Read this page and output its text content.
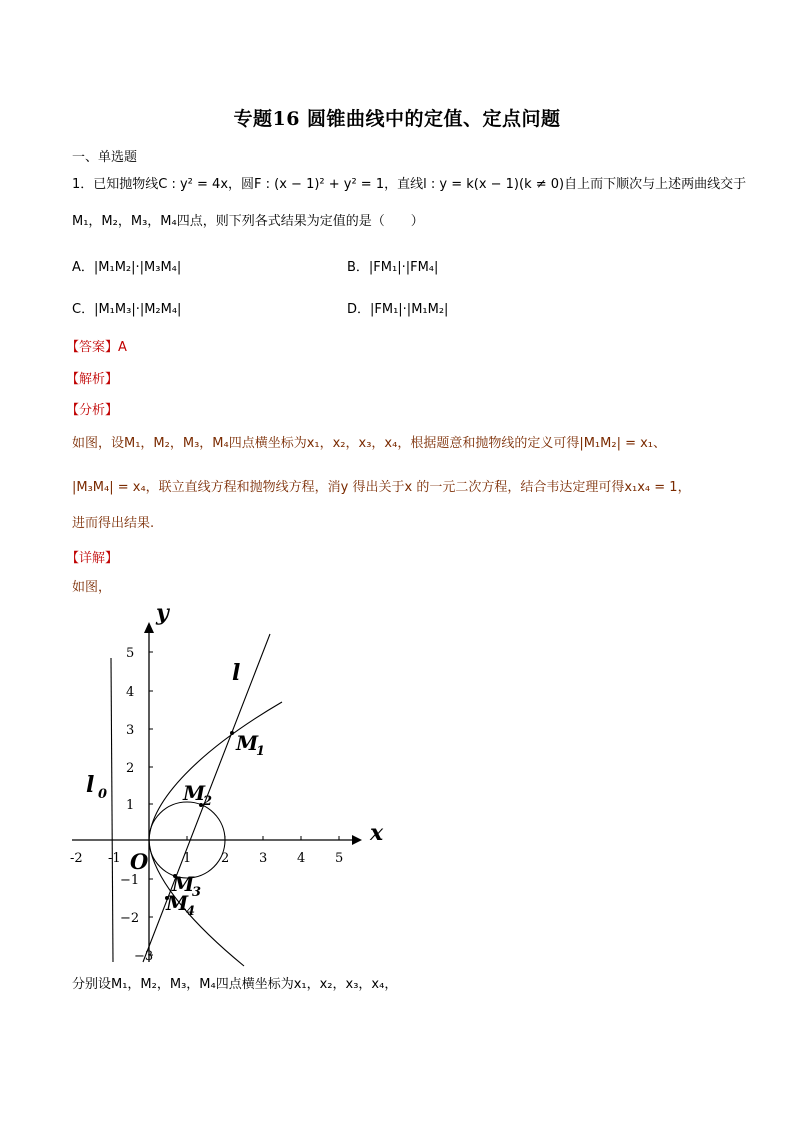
专题16 圆锥曲线中的定值、定点问题
一、单选题
1．已知抛物线C : y² = 4x，圆F : (x − 1)² + y² = 1，直线l : y = k(x − 1)(k ≠ 0)自上而下顺次与上述两曲线交于
M₁，M₂，M₃，M₄四点，则下列各式结果为定值的是（　　）
A．|M₁M₂|·|M₃M₄|	B．|FM₁|·|FM₄|
C．|M₁M₃|·|M₂M₄|	D．|FM₁|·|M₁M₂|
【答案】A
【解析】
【分析】
如图，设M₁，M₂，M₃，M₄四点横坐标为x₁，x₂，x₃，x₄，根据题意和抛物线的定义可得|M₁M₂| = x₁、
|M₃M₄| = x₄，联立直线方程和抛物线方程，消y 得出关于x 的一元二次方程，结合韦达定理可得x₁x₄ = 1，
进而得出结果.
【详解】
如图，
5
4
3
2
1
−1
−2
−3
-2 -1	1 2 3 4 5
x
y
O
l
l 0
M
1
M
2
M
3
M
4
分别设M₁，M₂，M₃，M₄四点横坐标为x₁，x₂，x₃，x₄，
